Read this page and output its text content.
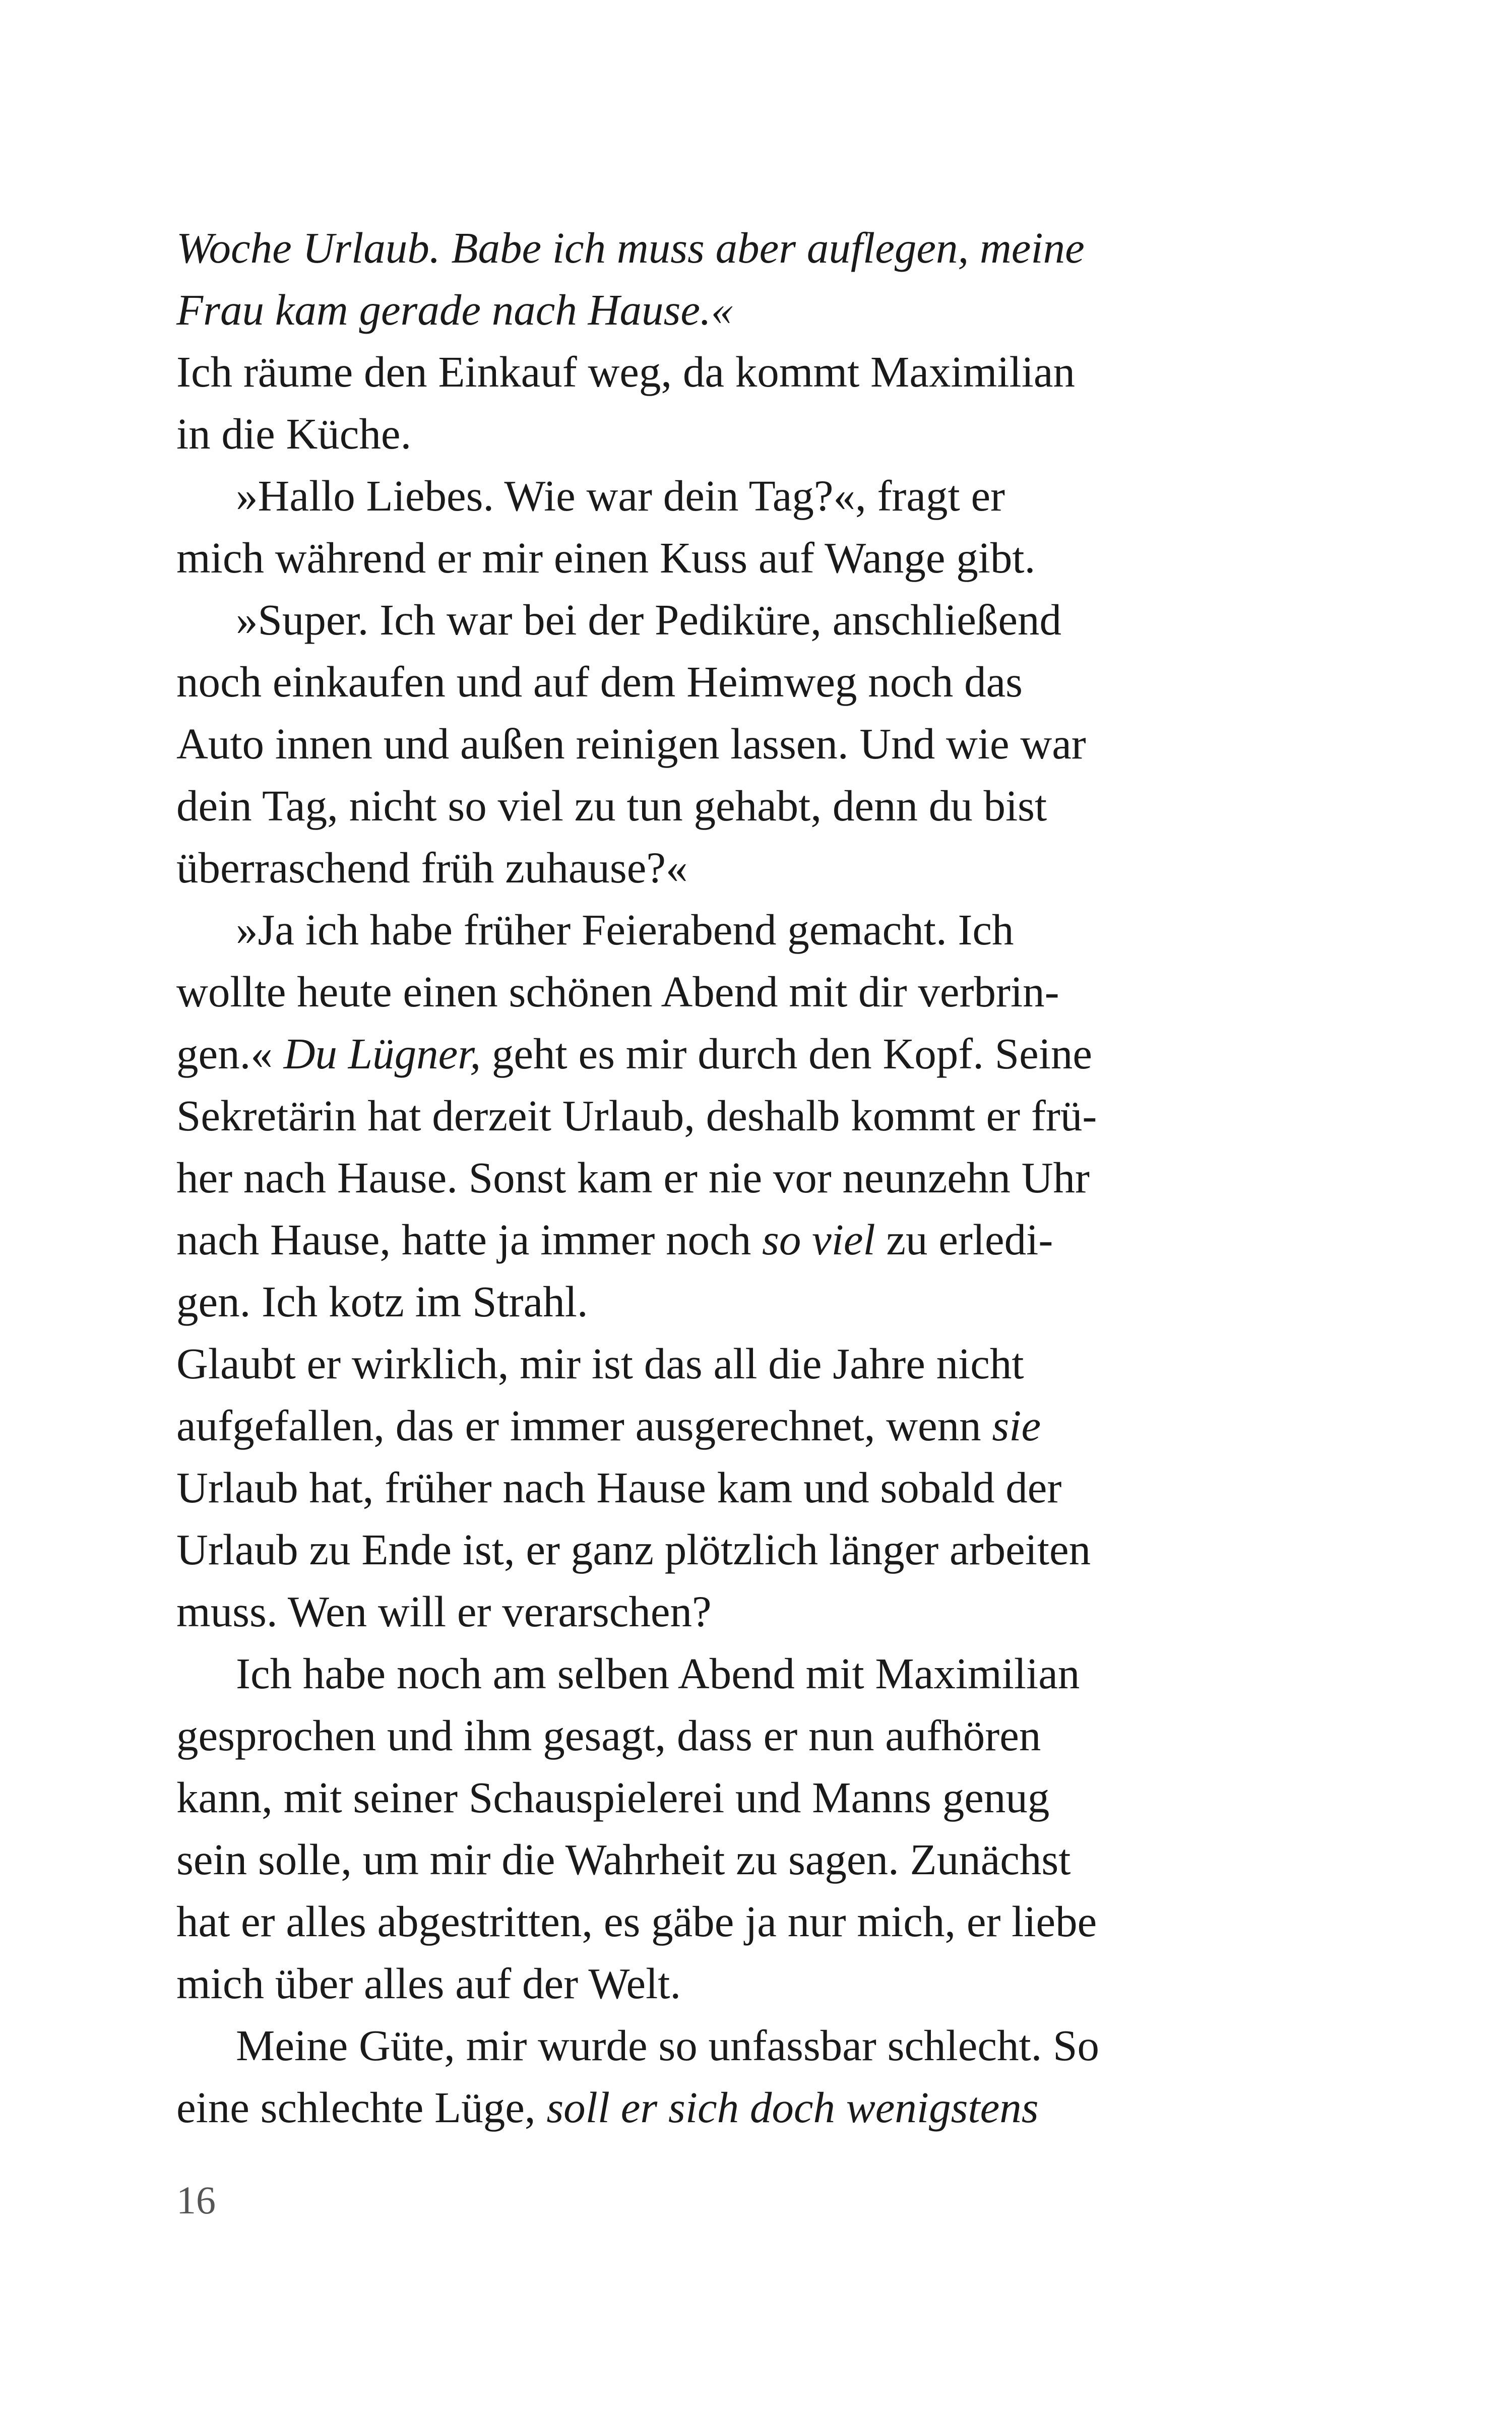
Woche Urlaub. Babe ich muss aber auflegen, meine
Frau kam gerade nach Hause.«
Ich räume den Einkauf weg, da kommt Maximilian
in die Küche.
»Hallo Liebes. Wie war dein Tag?«, fragt er
mich während er mir einen Kuss auf Wange gibt.
»Super. Ich war bei der Pediküre, anschließend
noch einkaufen und auf dem Heimweg noch das
Auto innen und außen reinigen lassen. Und wie war
dein Tag, nicht so viel zu tun gehabt, denn du bist
überraschend früh zuhause?«
»Ja ich habe früher Feierabend gemacht. Ich
wollte heute einen schönen Abend mit dir verbrin-
gen.« Du Lügner, geht es mir durch den Kopf. Seine
Sekretärin hat derzeit Urlaub, deshalb kommt er frü-
her nach Hause. Sonst kam er nie vor neunzehn Uhr
nach Hause, hatte ja immer noch so viel zu erledi-
gen. Ich kotz im Strahl.
Glaubt er wirklich, mir ist das all die Jahre nicht
aufgefallen, das er immer ausgerechnet, wenn sie
Urlaub hat, früher nach Hause kam und sobald der
Urlaub zu Ende ist, er ganz plötzlich länger arbeiten
muss. Wen will er verarschen?
Ich habe noch am selben Abend mit Maximilian
gesprochen und ihm gesagt, dass er nun aufhören
kann, mit seiner Schauspielerei und Manns genug
sein solle, um mir die Wahrheit zu sagen. Zunächst
hat er alles abgestritten, es gäbe ja nur mich, er liebe
mich über alles auf der Welt.
Meine Güte, mir wurde so unfassbar schlecht. So
eine schlechte Lüge, soll er sich doch wenigstens
16
